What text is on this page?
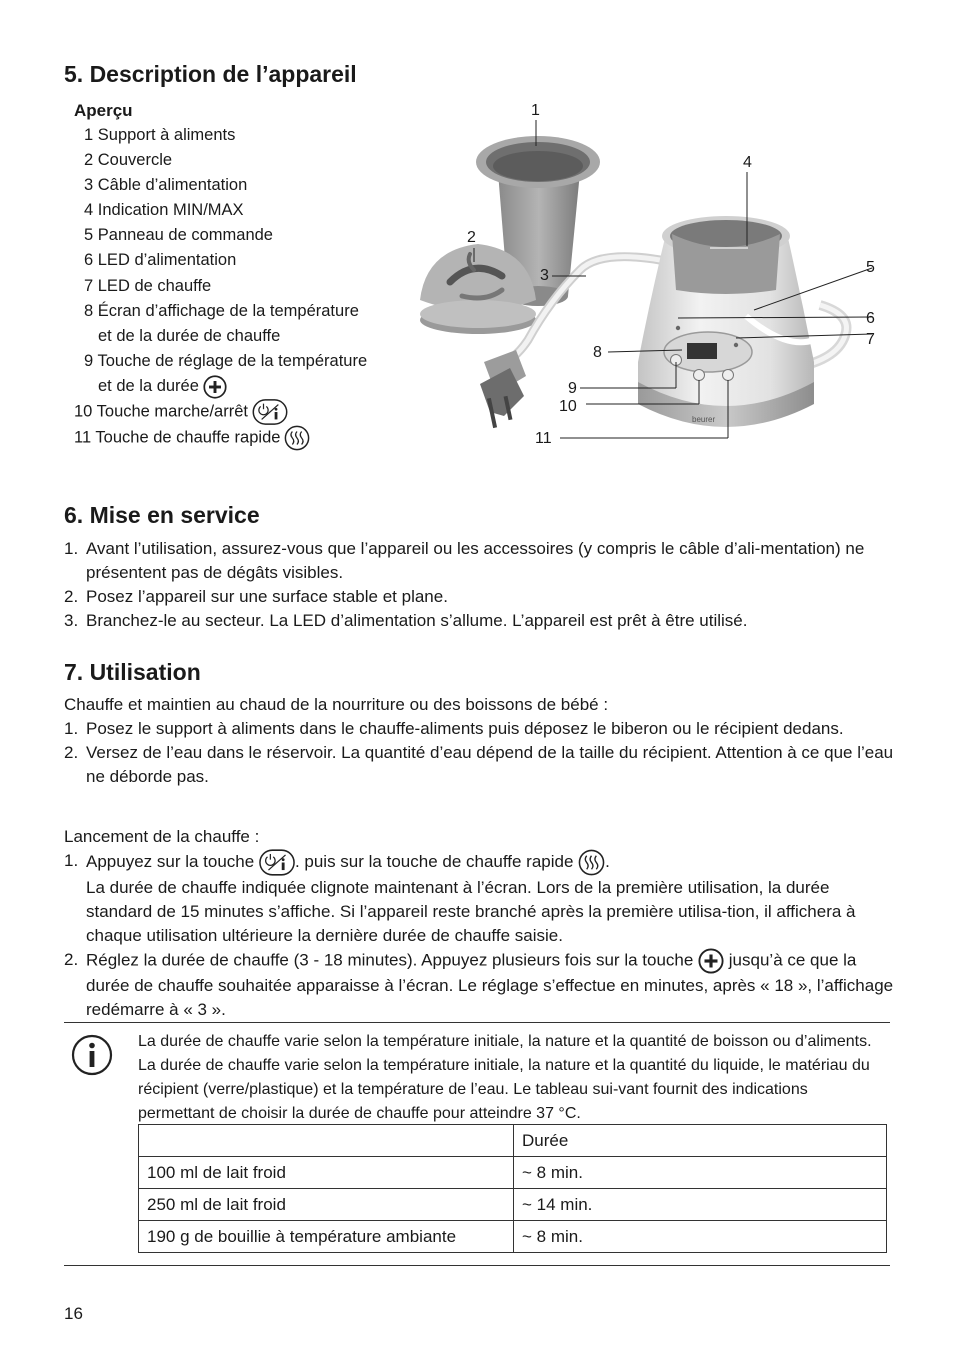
5. Description de l’appareil
Aperçu
1 Support à aliments
2 Couvercle
3 Câble d’alimentation
4 Indication MIN/MAX
5 Panneau de commande
6 LED d’alimentation
7 LED de chauffe
8 Écran d’affichage de la température
et de la durée de chauffe
9 Touche de réglage de la température
et de la durée
10 Touche marche/arrêt
11 Touche de chauffe rapide
beurer
1
2
3
4
5
6
7
8
9
10
11
6. Mise en service
1. Avant l’utilisation, assurez-vous que l’appareil ou les accessoires (y compris le câble d’ali-mentation) ne présentent pas de dégâts visibles.
2. Posez l’appareil sur une surface stable et plane.
3. Branchez-le au secteur. La LED d’alimentation s’allume. L’appareil est prêt à être utilisé.
7. Utilisation
Chauffe et maintien au chaud de la nourriture ou des boissons de bébé :
1. Posez le support à aliments dans le chauffe-aliments puis déposez le biberon ou le récipient dedans.
2. Versez de l’eau dans le réservoir. La quantité d’eau dépend de la taille du récipient. Attention à ce que l’eau ne déborde pas.
Lancement de la chauffe :
1. Appuyez sur la touche . puis sur la touche de chauffe rapide .
La durée de chauffe indiquée clignote maintenant à l’écran. Lors de la première utilisation, la durée standard de 15 minutes s’affiche. Si l’appareil reste branché après la première utilisa-tion, il affichera à chaque utilisation ultérieure la dernière durée de chauffe saisie.
2. Réglez la durée de chauffe (3 - 18 minutes). Appuyez plusieurs fois sur la touche jusqu’à ce que la durée de chauffe souhaitée apparaisse à l’écran. Le réglage s’effectue en minutes, après « 18 », l’affichage redémarre à « 3 ».
La durée de chauffe varie selon la température initiale, la nature et la quantité de boisson ou d’aliments. La durée de chauffe varie selon la température initiale, la nature et la quantité du liquide, le matériau du récipient (verre/plastique) et la température de l’eau. Le tableau sui-vant fournit des indications permettant de choisir la durée de chauffe pour atteindre 37 °C.
	Durée
100 ml de lait froid	~ 8 min.
250 ml de lait froid	~ 14 min.
190 g de bouillie à température ambiante	~ 8 min.
16
